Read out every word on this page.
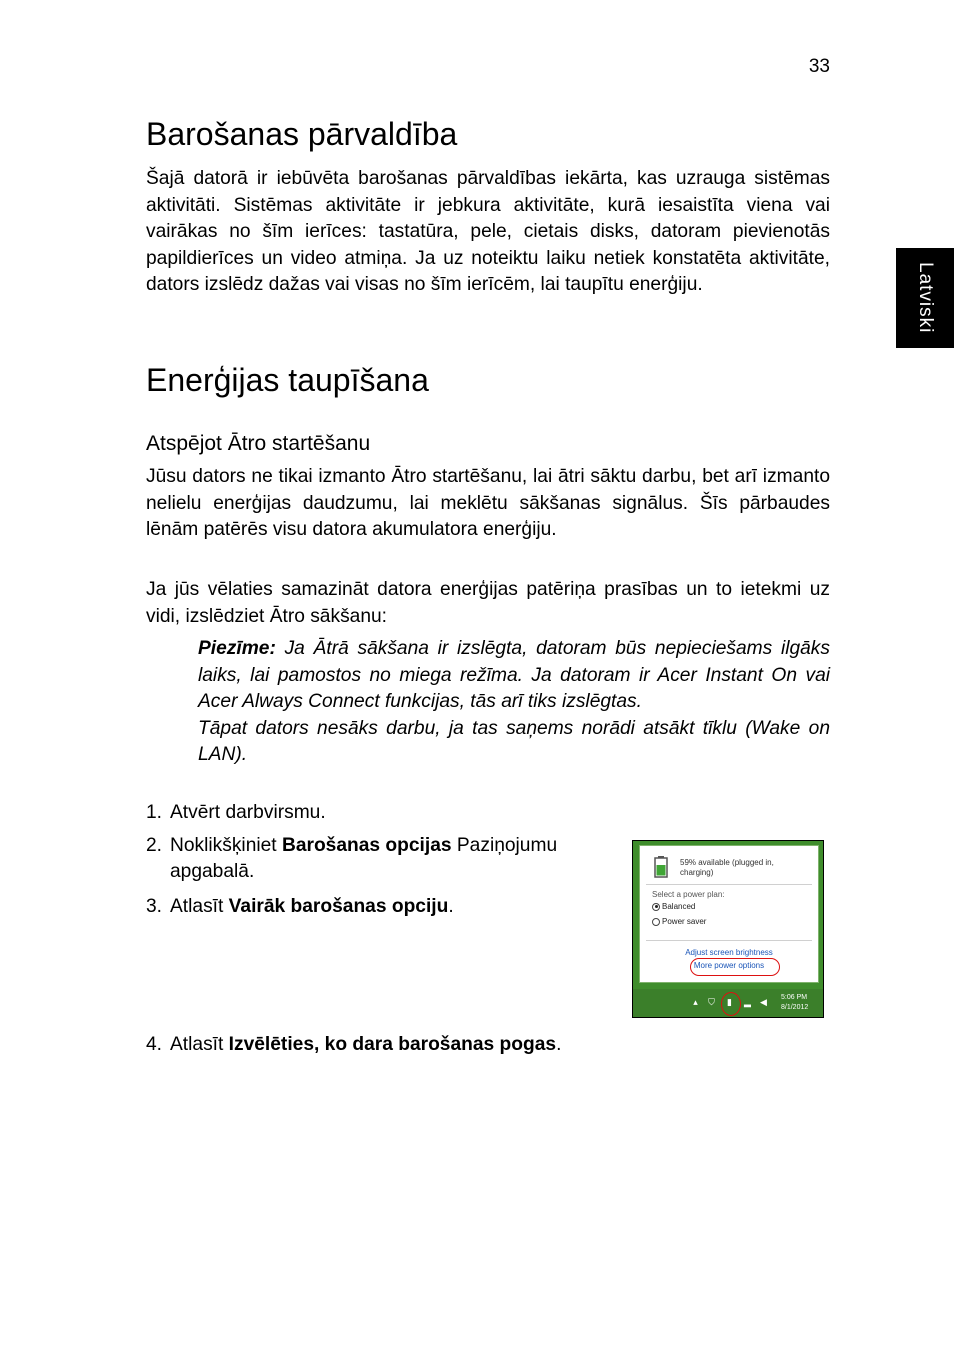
33
Latviski
Barošanas pārvaldība

Šajā datorā ir iebūvēta barošanas pārvaldības iekārta, kas uzrauga sistēmas aktivitāti. Sistēmas aktivitāte ir jebkura aktivitāte, kurā iesaistīta viena vai vairākas no šīm ierīces: tastatūra, pele, cietais disks, datoram pievienotās papildierīces un video atmiņa. Ja uz noteiktu laiku netiek konstatēta aktivitāte, dators izslēdz dažas vai visas no šīm ierīcēm, lai taupītu enerģiju.

Enerģijas taupīšana
Atspējot Ātro startēšanu

Jūsu dators ne tikai izmanto Ātro startēšanu, lai ātri sāktu darbu, bet arī izmanto nelielu enerģijas daudzumu, lai meklētu sākšanas signālus. Šīs pārbaudes lēnām patērēs visu datora akumulatora enerģiju.

Ja jūs vēlaties samazināt datora enerģijas patēriņa prasības un to ietekmi uz vidi, izslēdziet Ātro sākšanu:

Piezīme: Ja Ātrā sākšana ir izslēgta, datoram būs nepieciešams ilgāks laiks, lai pamostos no miega režīma. Ja datoram ir Acer Instant On vai Acer Always Connect funkcijas, tās arī tiks izslēgtas.

Tāpat dators nesāks darbu, ja tas saņems norādi atsākt tīklu (Wake on LAN).

1. Atvērt darbvirsmu.

2. Noklikšķiniet Barošanas opcijas Paziņojumu
apgabalā.

3. Atlasīt Vairāk barošanas opciju.

4. Atlasīt Izvēlēties, ko dara barošanas pogas.

59% available (plugged in, charging)
Select a power plan:
Balanced
Power saver
Adjust screen brightness
More power options
▴ ⛉ ▮ ▂ ◀ 5:06 PM
8/1/2012
